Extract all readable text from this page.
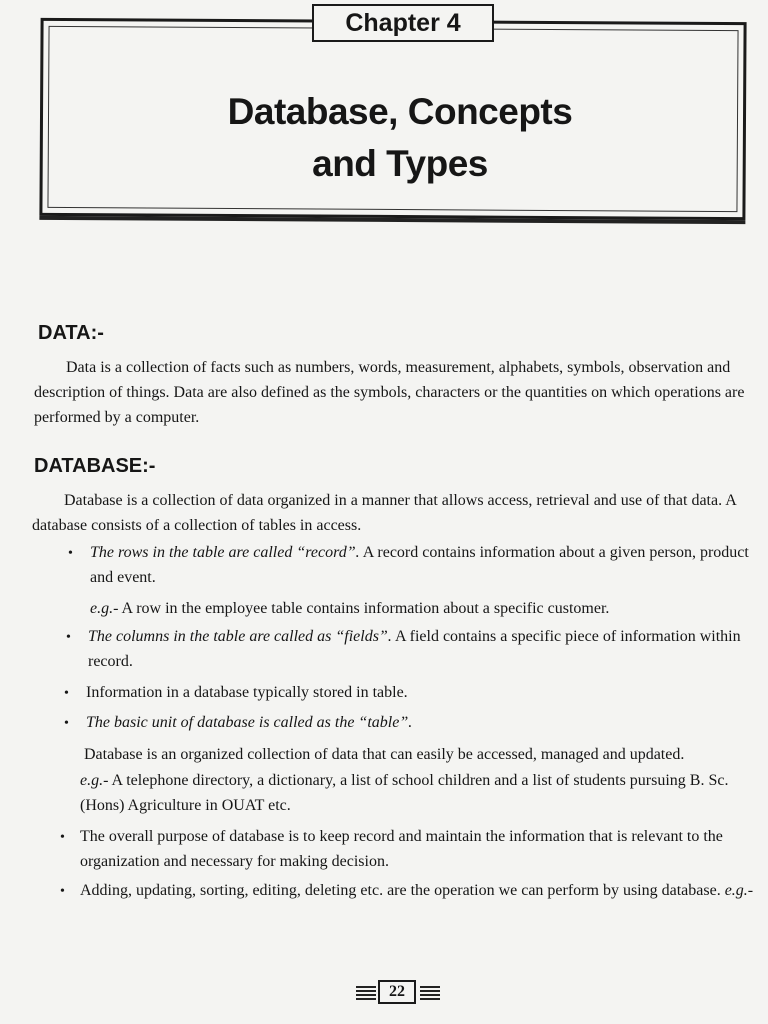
Chapter 4
Database, Concepts
and Types
DATA:-

Data is a collection of facts such as numbers, words, measurement, alphabets, symbols, observation and description of things. Data are also defined as the symbols, characters or the quantities on which operations are performed by a computer.

DATABASE:-

Database is a collection of data organized in a manner that allows access, retrieval and use of that data. A database consists of a collection of tables in access.

• The rows in the table are called “record”. A record contains information about a given person, product and event.

e.g.- A row in the employee table contains information about a specific customer.

• The columns in the table are called as “fields”. A field contains a specific piece of information within record.

• Information in a database typically stored in table.

• The basic unit of database is called as the “table”.

Database is an organized collection of data that can easily be accessed, managed and updated.

e.g.- A telephone directory, a dictionary, a list of school children and a list of students pursuing B. Sc.(Hons) Agriculture in OUAT etc.

• The overall purpose of database is to keep record and maintain the information that is relevant to the organization and necessary for making decision.

• Adding, updating, sorting, editing, deleting etc. are the operation we can perform by using database. e.g.-

22
